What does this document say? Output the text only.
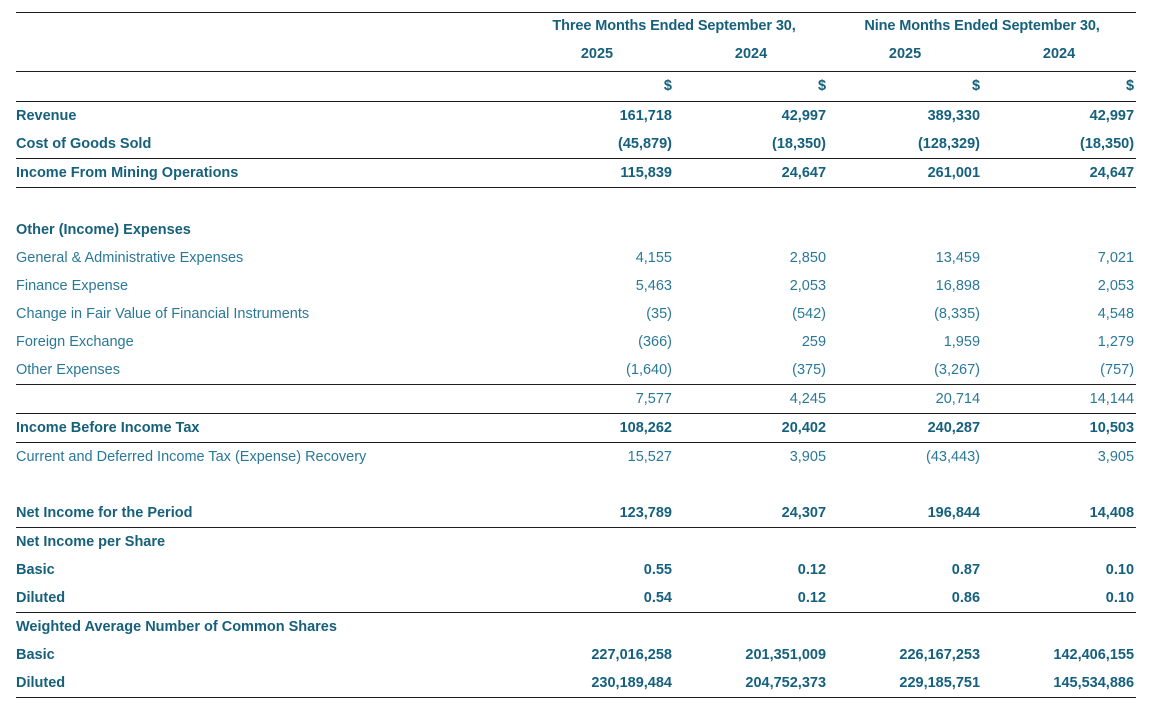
	Three Months Ended September 30,		Nine Months Ended September 30,	
	2025	2024	2025	2024
	$	$	$	$
Revenue	161,718	42,997	389,330	42,997
Cost of Goods Sold	(45,879)	(18,350)	(128,329)	(18,350)
Income From Mining Operations	115,839	24,647	261,001	24,647

Other (Income) Expenses				
General & Administrative Expenses	4,155	2,850	13,459	7,021
Finance Expense	5,463	2,053	16,898	2,053
Change in Fair Value of Financial Instruments	(35)	(542)	(8,335)	4,548
Foreign Exchange	(366)	259	1,959	1,279
Other Expenses	(1,640)	(375)	(3,267)	(757)
	7,577	4,245	20,714	14,144
Income Before Income Tax	108,262	20,402	240,287	10,503
Current and Deferred Income Tax (Expense) Recovery	15,527	3,905	(43,443)	3,905

Net Income for the Period	123,789	24,307	196,844	14,408
Net Income per Share				
Basic	0.55	0.12	0.87	0.10
Diluted	0.54	0.12	0.86	0.10
Weighted Average Number of Common Shares				
Basic	227,016,258	201,351,009	226,167,253	142,406,155
Diluted	230,189,484	204,752,373	229,185,751	145,534,886
